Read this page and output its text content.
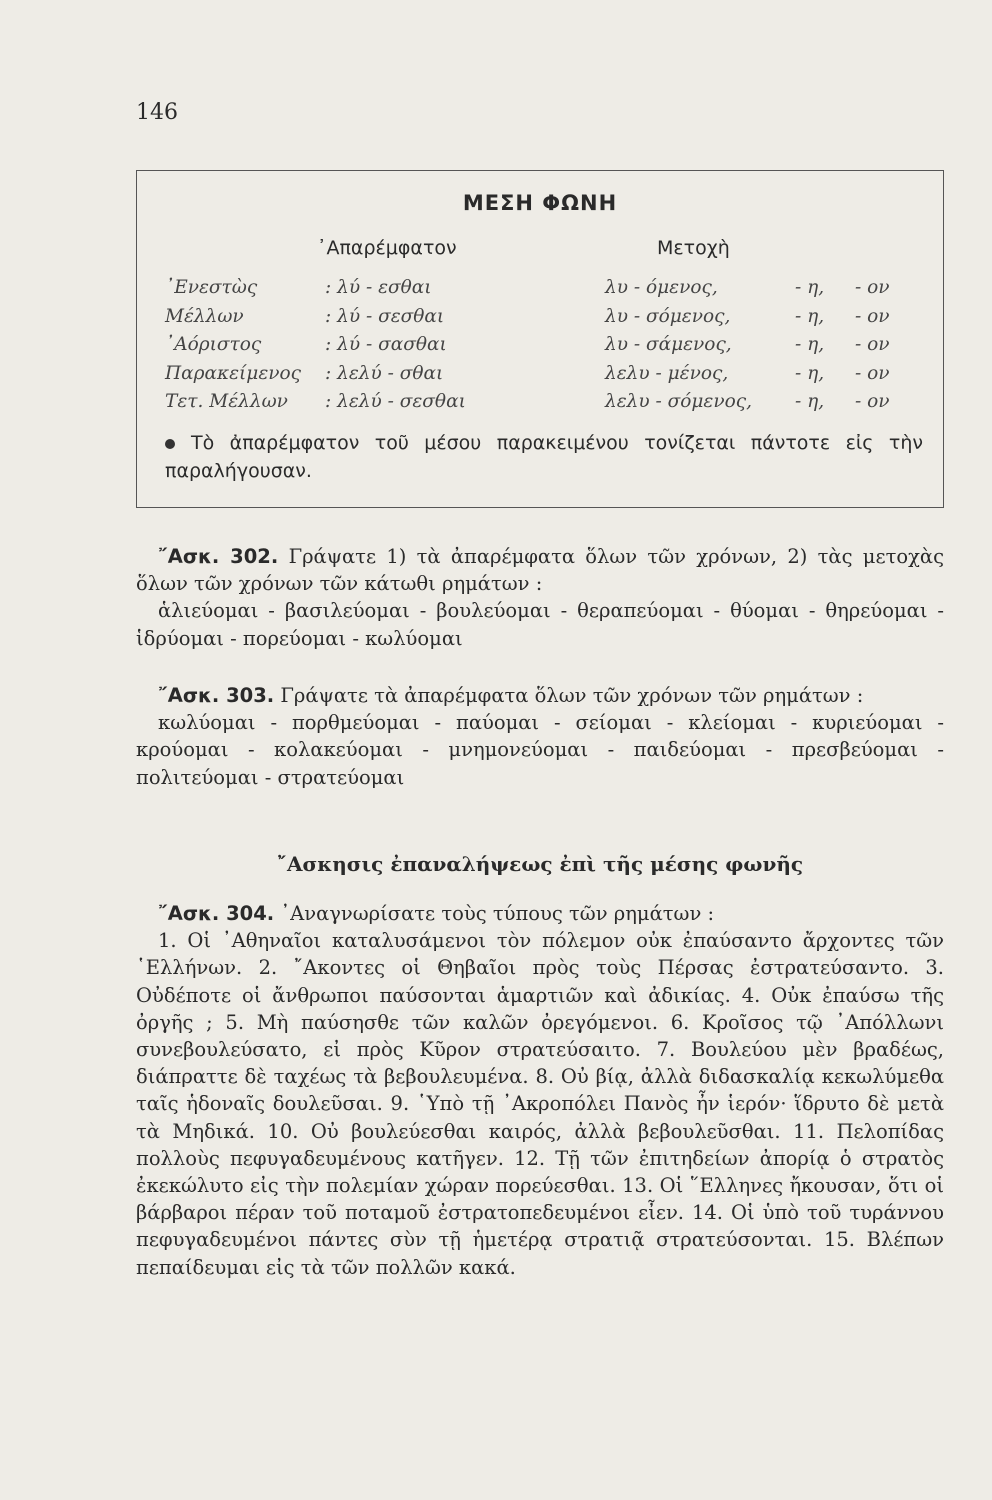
146
ΜΕΣΗ ΦΩΝΗ
᾽Απαρέμφατον	Μετοχὴ
᾽Ενεστὼς	: λύ - εσθαι	λυ - όμενος,	- η, - ον
Μέλλων	: λύ - σεσθαι	λυ - σόμενος,	- η, - ον
᾽Αόριστος	: λύ - σασθαι	λυ - σάμενος,	- η, - ον
Παρακείμενος : λελύ - σθαι	λελυ - μένος,	- η, - ον
Τετ. Μέλλων : λελύ - σεσθαι	λελυ - σόμενος, - η, - ον
Τὸ ἀπαρέμφατον τοῦ μέσου παρακειμένου τονίζεται πάντοτε εἰς τὴν παραλήγουσαν.
῎Ασκ. 302. Γράψατε 1) τὰ ἀπαρέμφατα ὅλων τῶν χρόνων, 2) τὰς μετοχὰς ὅλων τῶν χρόνων τῶν κάτωθι ρημάτων :
ἁλιεύομαι - βασιλεύομαι - βουλεύομαι - θεραπεύομαι - θύομαι - θηρεύομαι - ἱδρύομαι - πορεύομαι - κωλύομαι
῎Ασκ. 303. Γράψατε τὰ ἀπαρέμφατα ὅλων τῶν χρόνων τῶν ρημάτων :
κωλύομαι - πορθμεύομαι - παύομαι - σείομαι - κλείομαι - κυριεύομαι - κρούομαι - κολακεύομαι - μνημονεύομαι - παιδεύομαι - πρεσβεύομαι - πολιτεύομαι - στρατεύομαι
῎Ασκησις ἐπαναλήψεως ἐπὶ τῆς μέσης φωνῆς
῎Ασκ. 304. ᾽Αναγνωρίσατε τοὺς τύπους τῶν ρημάτων :
1. Οἱ ᾽Αθηναῖοι καταλυσάμενοι τὸν πόλεμον οὐκ ἐπαύσαντο ἄρχοντες τῶν ῾Ελλήνων. 2. ῎Ακοντες οἱ Θηβαῖοι πρὸς τοὺς Πέρσας ἐστρατεύσαντο. 3. Οὐδέποτε οἱ ἄνθρωποι παύσονται ἁμαρτιῶν καὶ ἀδικίας. 4. Οὐκ ἐπαύσω τῆς ὀργῆς ; 5. Μὴ παύσησθε τῶν καλῶν ὀρεγόμενοι. 6. Κροῖσος τῷ ᾽Απόλλωνι συνεβουλεύσατο, εἰ πρὸς Κῦρον στρατεύσαιτο. 7. Βουλεύου μὲν βραδέως, διάπραττε δὲ ταχέως τὰ βεβουλευμένα. 8. Οὐ βίᾳ, ἀλλὰ διδασκαλίᾳ κεκωλύμεθα ταῖς ἡδοναῖς δουλεῦσαι. 9. ῾Υπὸ τῇ ᾽Ακροπόλει Πανὸς ἦν ἱερόν· ἵδρυτο δὲ μετὰ τὰ Μηδικά. 10. Οὐ βουλεύεσθαι καιρός, ἀλλὰ βεβουλεῦσθαι. 11. Πελοπίδας πολλοὺς πεφυγαδευμένους κατῆγεν. 12. Τῇ τῶν ἐπιτηδείων ἀπορίᾳ ὁ στρατὸς ἐκεκώλυτο εἰς τὴν πολεμίαν χώραν πορεύεσθαι. 13. Οἱ ῞Ελληνες ἤκουσαν, ὅτι οἱ βάρβαροι πέραν τοῦ ποταμοῦ ἐστρατοπεδευμένοι εἶεν. 14. Οἱ ὑπὸ τοῦ τυράννου πεφυγαδευμένοι πάντες σὺν τῇ ἡμετέρᾳ στρατιᾷ στρατεύσονται. 15. Βλέπων πεπαίδευμαι εἰς τὰ τῶν πολλῶν κακά.
